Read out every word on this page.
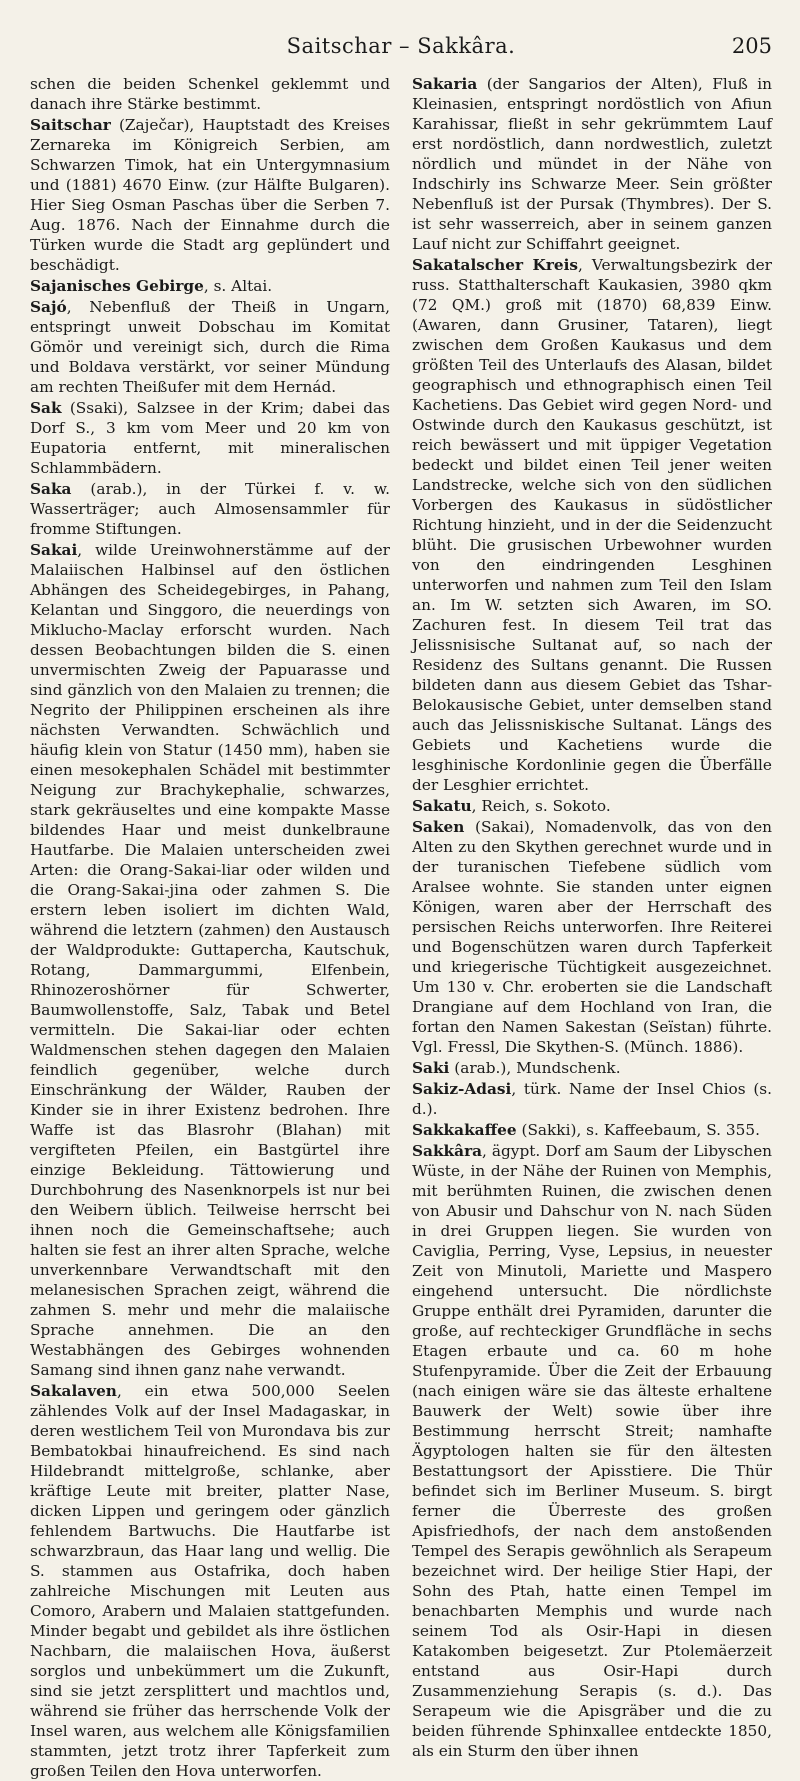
Saitschar – Sakkâra.	205

schen die beiden Schenkel geklemmt und danach ihre Stärke bestimmt.

Saitschar (Zaječar), Hauptstadt des Kreises Zernareka im Königreich Serbien, am Schwarzen Timok, hat ein Untergymnasium und (1881) 4670 Einw. (zur Hälfte Bulgaren). Hier Sieg Osman Paschas über die Serben 7. Aug. 1876. Nach der Einnahme durch die Türken wurde die Stadt arg geplündert und beschädigt.

Sajanisches Gebirge, s. Altai.

Sajó, Nebenfluß der Theiß in Ungarn, entspringt unweit Dobschau im Komitat Gömör und vereinigt sich, durch die Rima und Boldava verstärkt, vor seiner Mündung am rechten Theißufer mit dem Hernád.

Sak (Ssaki), Salzsee in der Krim; dabei das Dorf S., 3 km vom Meer und 20 km von Eupatoria entfernt, mit mineralischen Schlammbädern.

Saka (arab.), in der Türkei f. v. w. Wasserträger; auch Almosensammler für fromme Stiftungen.

Sakai, wilde Ureinwohnerstämme auf der Malaiischen Halbinsel auf den östlichen Abhängen des Scheidegebirges, in Pahang, Kelantan und Singgoro, die neuerdings von Miklucho-Maclay erforscht wurden. Nach dessen Beobachtungen bilden die S. einen unvermischten Zweig der Papuarasse und sind gänzlich von den Malaien zu trennen; die Negrito der Philippinen erscheinen als ihre nächsten Verwandten. Schwächlich und häufig klein von Statur (1450 mm), haben sie einen mesokephalen Schädel mit bestimmter Neigung zur Brachykephalie, schwarzes, stark gekräuseltes und eine kompakte Masse bildendes Haar und meist dunkelbraune Hautfarbe. Die Malaien unterscheiden zwei Arten: die Orang-Sakai-liar oder wilden und die Orang-Sakai-jina oder zahmen S. Die erstern leben isoliert im dichten Wald, während die letztern (zahmen) den Austausch der Waldprodukte: Guttapercha, Kautschuk, Rotang, Dammargummi, Elfenbein, Rhinozeroshörner für Schwerter, Baumwollenstoffe, Salz, Tabak und Betel vermitteln. Die Sakai-liar oder echten Waldmenschen stehen dagegen den Malaien feindlich gegenüber, welche durch Einschränkung der Wälder, Rauben der Kinder sie in ihrer Existenz bedrohen. Ihre Waffe ist das Blasrohr (Blahan) mit vergifteten Pfeilen, ein Bastgürtel ihre einzige Bekleidung. Tättowierung und Durchbohrung des Nasenknorpels ist nur bei den Weibern üblich. Teilweise herrscht bei ihnen noch die Gemeinschaftsehe; auch halten sie fest an ihrer alten Sprache, welche unverkennbare Verwandtschaft mit den melanesischen Sprachen zeigt, während die zahmen S. mehr und mehr die malaiische Sprache annehmen. Die an den Westabhängen des Gebirges wohnenden Samang sind ihnen ganz nahe verwandt.

Sakalaven, ein etwa 500,000 Seelen zählendes Volk auf der Insel Madagaskar, in deren westlichem Teil von Murondava bis zur Bembatokbai hinaufreichend. Es sind nach Hildebrandt mittelgroße, schlanke, aber kräftige Leute mit breiter, platter Nase, dicken Lippen und geringem oder gänzlich fehlendem Bartwuchs. Die Hautfarbe ist schwarzbraun, das Haar lang und wellig. Die S. stammen aus Ostafrika, doch haben zahlreiche Mischungen mit Leuten aus Comoro, Arabern und Malaien stattgefunden. Minder begabt und gebildet als ihre östlichen Nachbarn, die malaiischen Hova, äußerst sorglos und unbekümmert um die Zukunft, sind sie jetzt zersplittert und machtlos und, während sie früher das herrschende Volk der Insel waren, aus welchem alle Königsfamilien stammten, jetzt trotz ihrer Tapferkeit zum großen Teilen den Hova unterworfen.

Sakaria (der Sangarios der Alten), Fluß in Kleinasien, entspringt nordöstlich von Afiun Karahissar, fließt in sehr gekrümmtem Lauf erst nordöstlich, dann nordwestlich, zuletzt nördlich und mündet in der Nähe von Indschirly ins Schwarze Meer. Sein größter Nebenfluß ist der Pursak (Thymbres). Der S. ist sehr wasserreich, aber in seinem ganzen Lauf nicht zur Schiffahrt geeignet.

Sakatalscher Kreis, Verwaltungsbezirk der russ. Statthalterschaft Kaukasien, 3980 qkm (72 QM.) groß mit (1870) 68,839 Einw. (Awaren, dann Grusiner, Tataren), liegt zwischen dem Großen Kaukasus und dem größten Teil des Unterlaufs des Alasan, bildet geographisch und ethnographisch einen Teil Kachetiens. Das Gebiet wird gegen Nord- und Ostwinde durch den Kaukasus geschützt, ist reich bewässert und mit üppiger Vegetation bedeckt und bildet einen Teil jener weiten Landstrecke, welche sich von den südlichen Vorbergen des Kaukasus in südöstlicher Richtung hinzieht, und in der die Seidenzucht blüht. Die grusischen Urbewohner wurden von den eindringenden Lesghinen unterworfen und nahmen zum Teil den Islam an. Im W. setzten sich Awaren, im SO. Zachuren fest. In diesem Teil trat das Jelissnisische Sultanat auf, so nach der Residenz des Sultans genannt. Die Russen bildeten dann aus diesem Gebiet das Tshar-Belokausische Gebiet, unter demselben stand auch das Jelissniskische Sultanat. Längs des Gebiets und Kachetiens wurde die lesghinische Kordonlinie gegen die Überfälle der Lesghier errichtet.

Sakatu, Reich, s. Sokoto.

Saken (Sakai), Nomadenvolk, das von den Alten zu den Skythen gerechnet wurde und in der turanischen Tiefebene südlich vom Aralsee wohnte. Sie standen unter eignen Königen, waren aber der Herrschaft des persischen Reichs unterworfen. Ihre Reiterei und Bogenschützen waren durch Tapferkeit und kriegerische Tüchtigkeit ausgezeichnet. Um 130 v. Chr. eroberten sie die Landschaft Drangiane auf dem Hochland von Iran, die fortan den Namen Sakestan (Seïstan) führte. Vgl. Fressl, Die Skythen-S. (Münch. 1886).

Saki (arab.), Mundschenk.

Sakiz-Adasi, türk. Name der Insel Chios (s. d.).

Sakkakaffee (Sakki), s. Kaffeebaum, S. 355.

Sakkâra, ägypt. Dorf am Saum der Libyschen Wüste, in der Nähe der Ruinen von Memphis, mit berühmten Ruinen, die zwischen denen von Abusir und Dahschur von N. nach Süden in drei Gruppen liegen. Sie wurden von Caviglia, Perring, Vyse, Lepsius, in neuester Zeit von Minutoli, Mariette und Maspero eingehend untersucht. Die nördlichste Gruppe enthält drei Pyramiden, darunter die große, auf rechteckiger Grundfläche in sechs Etagen erbaute und ca. 60 m hohe Stufenpyramide. Über die Zeit der Erbauung (nach einigen wäre sie das älteste erhaltene Bauwerk der Welt) sowie über ihre Bestimmung herrscht Streit; namhafte Ägyptologen halten sie für den ältesten Bestattungsort der Apisstiere. Die Thür befindet sich im Berliner Museum. S. birgt ferner die Überreste des großen Apisfriedhofs, der nach dem anstoßenden Tempel des Serapis gewöhnlich als Serapeum bezeichnet wird. Der heilige Stier Hapi, der Sohn des Ptah, hatte einen Tempel im benachbarten Memphis und wurde nach seinem Tod als Osir-Hapi in diesen Katakomben beigesetzt. Zur Ptolemäerzeit entstand aus Osir-Hapi durch Zusammenziehung Serapis (s. d.). Das Serapeum wie die Apisgräber und die zu beiden führende Sphinxallee entdeckte 1850, als ein Sturm den über ihnen
